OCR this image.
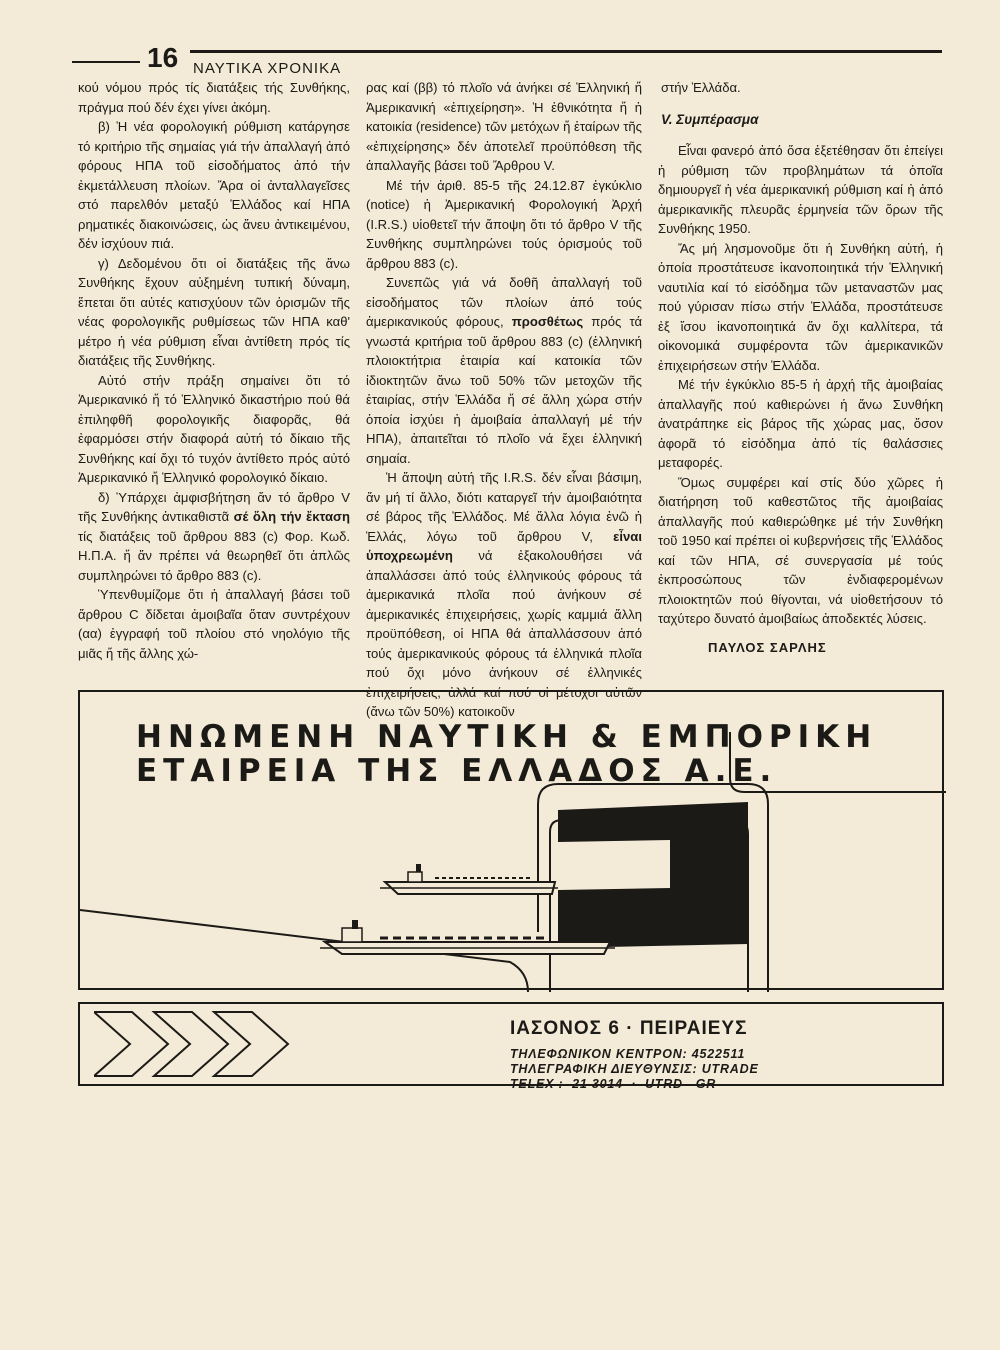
16 ΝΑΥΤΙΚΑ ΧΡΟΝΙΚΑ

κού νόμου πρός τίς διατάξεις τής Συνθήκης, πράγμα πού δέν έχει γίνει ἀκόμη.

β) Ἡ νέα φορολογική ρύθμιση κατάργησε τό κριτήριο τῆς σημαίας γιά τήν ἀπαλλαγή ἀπό φόρους ΗΠΑ τοῦ εἰσοδήματος ἀπό τήν ἐκμετάλλευση πλοίων. Ἄρα οἱ ἀνταλλαγεῖσες στό παρελθόν μεταξύ Ἑλλάδος καί ΗΠΑ ρηματικές διακοινώσεις, ὡς ἄνευ ἀντικειμένου, δέν ἰσχύουν πιά.

γ) Δεδομένου ὅτι οἱ διατάξεις τῆς ἄνω Συνθήκης ἔχουν αὐξημένη τυπική δύναμη, ἕπεται ὅτι αὐτές κατισχύουν τῶν ὁρισμῶν τῆς νέας φορολογικῆς ρυθμίσεως τῶν ΗΠΑ καθ' μέτρο ἡ νέα ρύθμιση εἶναι ἀντίθετη πρός τίς διατάξεις τῆς Συνθήκης.

Αὐτό στήν πράξη σημαίνει ὅτι τό Ἀμερικανικό ἤ τό Ἑλληνικό δικαστήριο πού θά ἐπιληφθῆ φορολογικῆς διαφορᾶς, θά ἐφαρμόσει στήν διαφορά αὐτή τό δίκαιο τῆς Συνθήκης καί ὄχι τό τυχόν ἀντίθετο πρός αὐτό Ἀμερικανικό ἤ Ἑλληνικό φορολογικό δίκαιο.

δ) Ὑπάρχει ἀμφισβήτηση ἄν τό ἄρθρο V τῆς Συνθήκης ἀντικαθιστᾶ σέ ὅλη τήν ἔκταση τίς διατάξεις τοῦ ἄρθρου 883 (c) Φορ. Κωδ. Η.Π.Α. ἤ ἄν πρέπει νά θεωρηθεῖ ὅτι ἁπλῶς συμπληρώνει τό ἄρθρο 883 (c).

Ὑπενθυμίζομε ὅτι ἡ ἀπαλλαγή βάσει τοῦ ἄρθρου C δίδεται ἀμοιβαῖα ὅταν συντρέχουν (αα) ἐγγραφή τοῦ πλοίου στό νηολόγιο τῆς μιᾶς ἤ τῆς ἄλλης χώ-

ρας καί (ββ) τό πλοῖο νά ἀνήκει σέ Ἑλληνική ἤ Ἀμερικανική «ἐπιχείρηση». Ἡ ἐθνικότητα ἤ ἡ κατοικία (residence) τῶν μετόχων ἤ ἑταίρων τῆς «ἐπιχείρησης» δέν ἀποτελεῖ προϋπόθεση τῆς ἀπαλλαγῆς βάσει τοῦ Ἄρθρου V.

Μέ τήν ἀριθ. 85-5 τῆς 24.12.87 ἐγκύκλιο (notice) ἡ Ἀμερικανική Φορολογική Ἀρχή (I.R.S.) υἱοθετεῖ τήν ἄποψη ὅτι τό ἄρθρο V τῆς Συνθήκης συμπληρώνει τούς ὁρισμούς τοῦ ἄρθρου 883 (c).

Συνεπῶς γιά νά δοθῆ ἀπαλλαγή τοῦ εἰσοδήματος τῶν πλοίων ἀπό τούς ἀμερικανικούς φόρους, προσθέτως πρός τά γνωστά κριτήρια τοῦ ἄρθρου 883 (c) (ἑλληνική πλοιοκτήτρια ἑταιρία καί κατοικία τῶν ἰδιοκτητῶν ἄνω τοῦ 50% τῶν μετοχῶν τῆς ἑταιρίας, στήν Ἑλλάδα ἤ σέ ἄλλη χώρα στήν ὁποία ἰσχύει ἡ ἀμοιβαία ἀπαλλαγή μέ τήν ΗΠΑ), ἀπαιτεῖται τό πλοῖο νά ἔχει ἑλληνική σημαία.

Ἡ ἄποψη αὐτή τῆς I.R.S. δέν εἶναι βάσιμη, ἄν μή τί ἄλλο, διότι καταργεῖ τήν ἀμοιβαιότητα σέ βάρος τῆς Ἑλλάδος. Μέ ἄλλα λόγια ἐνῶ ἡ Ἑλλάς, λόγω τοῦ ἄρθρου V, εἶναι ὑποχρεωμένη νά ἐξακολουθήσει νά ἀπαλλάσσει ἀπό τούς ἑλληνικούς φόρους τά ἀμερικανικά πλοῖα πού ἀνήκουν σέ ἀμερικανικές ἐπιχειρήσεις, χωρίς καμμιά ἄλλη προϋπόθεση, οἱ ΗΠΑ θά ἀπαλλάσσουν ἀπό τούς ἀμερικανικούς φόρους τά ἑλληνικά πλοῖα πού ὄχι μόνο ἀνήκουν σέ ἑλληνικές ἐπιχειρήσεις, ἀλλά καί πού οἱ μέτοχοι αὐτῶν (ἄνω τῶν 50%) κατοικοῦν

στήν Ἑλλάδα.

V. Συμπέρασμα

Εἶναι φανερό ἀπό ὅσα ἐξετέθησαν ὅτι ἐπείγει ἡ ρύθμιση τῶν προβλημάτων τά ὁποῖα δημιουργεῖ ἡ νέα ἀμερικανική ρύθμιση καί ἡ ἀπό ἀμερικανικῆς πλευρᾶς ἑρμηνεία τῶν ὅρων τῆς Συνθήκης 1950.

Ἄς μή λησμονοῦμε ὅτι ἡ Συνθήκη αὐτή, ἡ ὁποία προστάτευσε ἱκανοποιητικά τήν Ἑλληνική ναυτιλία καί τό εἰσόδημα τῶν μεταναστῶν μας πού γύρισαν πίσω στήν Ἑλλάδα, προστάτευσε ἐξ ἴσου ἱκανοποιητικά ἄν ὄχι καλλίτερα, τά οἰκονομικά συμφέροντα τῶν ἀμερικανικῶν ἐπιχειρήσεων στήν Ἑλλάδα.

Μέ τήν ἐγκύκλιο 85-5 ἡ ἀρχή τῆς ἀμοιβαίας ἀπαλλαγῆς πού καθιερώνει ἡ ἄνω Συνθήκη ἀνατράπηκε εἰς βάρος τῆς χώρας μας, ὅσον ἀφορᾶ τό εἰσόδημα ἀπό τίς θαλάσσιες μεταφορές.

Ὅμως συμφέρει καί στίς δύο χῶρες ἡ διατήρηση τοῦ καθεστῶτος τῆς ἀμοιβαίας ἀπαλλαγῆς πού καθιερώθηκε μέ τήν Συνθήκη τοῦ 1950 καί πρέπει οἱ κυβερνήσεις τῆς Ἑλλάδος καί τῶν ΗΠΑ, σέ συνεργασία μέ τούς ἐκπροσώπους τῶν ἐνδιαφερομένων πλοιοκτητῶν πού θίγονται, νά υἱοθετήσουν τό ταχύτερο δυνατό ἀμοιβαίως ἀποδεκτές λύσεις.

ΠΑΥΛΟΣ ΣΑΡΛΗΣ
ΗΝΩΜΕΝΗ ΝΑΥΤΙΚΗ & ΕΜΠΟΡΙΚΗ
ΕΤΑΙΡΕΙΑ ΤΗΣ ΕΛΛΑΔΟΣ Α.Ε.
ΙΑΣΟΝΟΣ 6 · ΠΕΙΡΑΙΕΥΣ
ΤΗΛΕΦΩΝΙΚΟΝ ΚΕΝΤΡΟΝ: 4522511
ΤΗΛΕΓΡΑΦΙΚΗ ΔΙΕΥΘΥΝΣΙΣ: UTRADE
TELEX : 21 3014  ·  UTRD GR
